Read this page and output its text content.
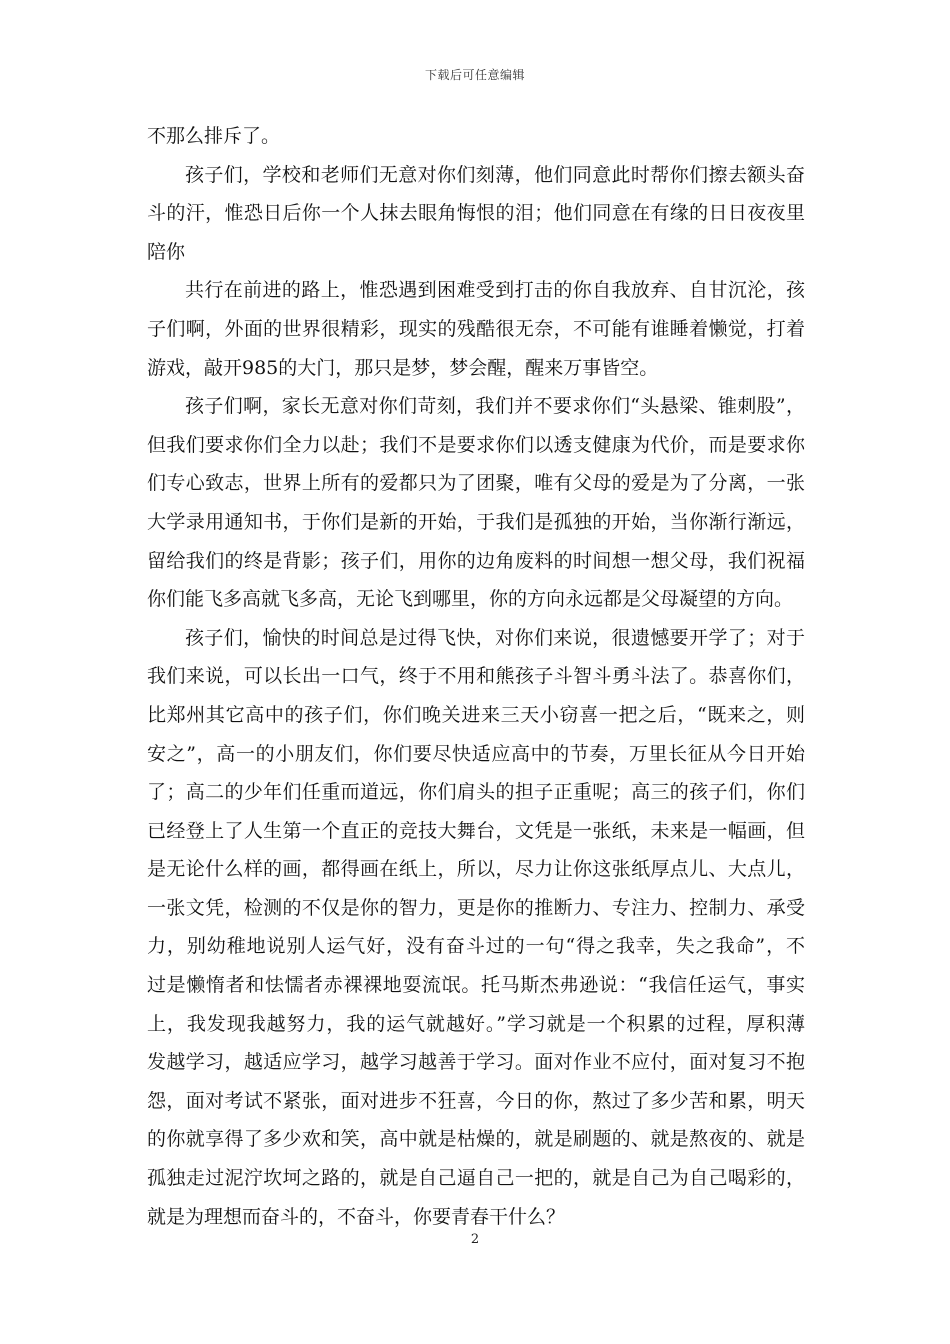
下载后可任意编辑
不那么排斥了。
孩子们，学校和老师们无意对你们刻薄，他们同意此时帮你们擦去额头奋
斗的汗，惟恐日后你一个人抹去眼角悔恨的泪；他们同意在有缘的日日夜夜里
陪你
共行在前进的路上，惟恐遇到困难受到打击的你自我放弃、自甘沉沦，孩
子们啊，外面的世界很精彩，现实的残酷很无奈，不可能有谁睡着懒觉，打着
游戏，敲开985的大门，那只是梦，梦会醒，醒来万事皆空。
孩子们啊，家长无意对你们苛刻，我们并不要求你们“头悬梁、锥刺股”，
但我们要求你们全力以赴；我们不是要求你们以透支健康为代价，而是要求你
们专心致志，世界上所有的爱都只为了团聚，唯有父母的爱是为了分离，一张
大学录用通知书，于你们是新的开始，于我们是孤独的开始，当你渐行渐远，
留给我们的终是背影；孩子们，用你的边角废料的时间想一想父母，我们祝福
你们能飞多高就飞多高，无论飞到哪里，你的方向永远都是父母凝望的方向。
孩子们，愉快的时间总是过得飞快，对你们来说，很遗憾要开学了；对于
我们来说，可以长出一口气，终于不用和熊孩子斗智斗勇斗法了。恭喜你们，
比郑州其它高中的孩子们，你们晚关进来三天小窃喜一把之后，“既来之，则
安之”，高一的小朋友们，你们要尽快适应高中的节奏，万里长征从今日开始
了；高二的少年们任重而道远，你们肩头的担子正重呢；高三的孩子们，你们
已经登上了人生第一个直正的竞技大舞台，文凭是一张纸，未来是一幅画，但
是无论什么样的画，都得画在纸上，所以，尽力让你这张纸厚点儿、大点儿，
一张文凭，检测的不仅是你的智力，更是你的推断力、专注力、控制力、承受
力，别幼稚地说别人运气好，没有奋斗过的一句“得之我幸，失之我命”，不
过是懒惰者和怯懦者赤裸裸地耍流氓。托马斯杰弗逊说：“我信任运气，事实
上，我发现我越努力，我的运气就越好。”学习就是一个积累的过程，厚积薄
发越学习，越适应学习，越学习越善于学习。面对作业不应付，面对复习不抱
怨，面对考试不紧张，面对进步不狂喜，今日的你，熬过了多少苦和累，明天
的你就享得了多少欢和笑，高中就是枯燥的，就是刷题的、就是熬夜的、就是
孤独走过泥泞坎坷之路的，就是自己逼自己一把的，就是自己为自己喝彩的，
就是为理想而奋斗的，不奋斗，你要青春干什么？
2
